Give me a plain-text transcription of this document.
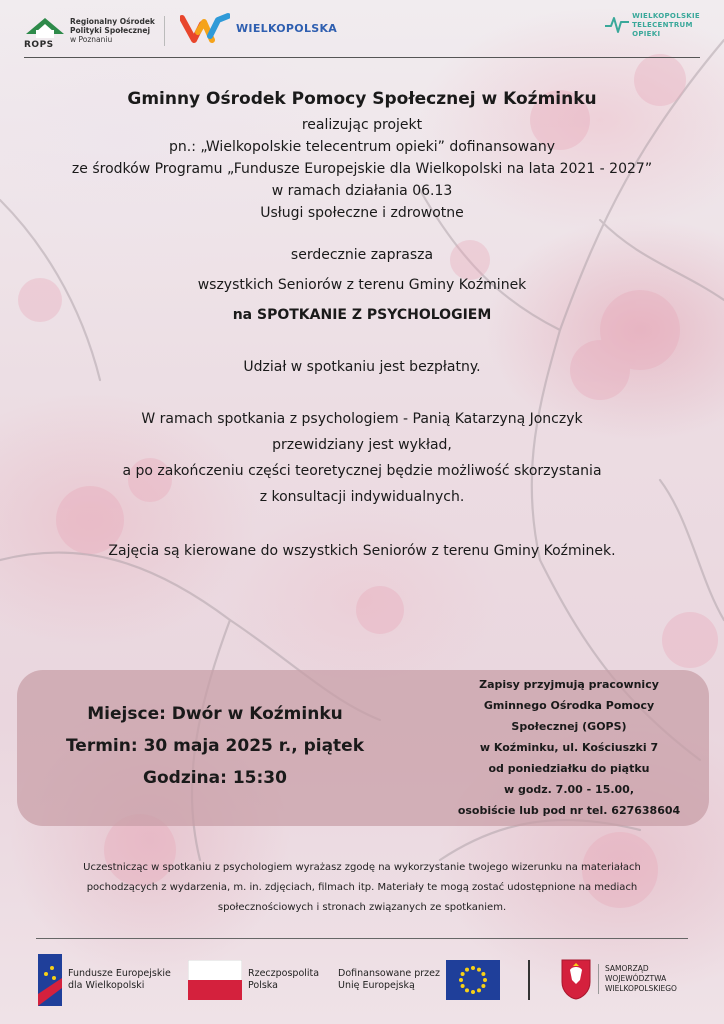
Regionalny Ośrodek
Polityki Społecznej
w Poznaniu
ROPS
WIELKOPOLSKA
WIELKOPOLSKIE
TELECENTRUM
OPIEKI
Gminny Ośrodek Pomocy Społecznej w Koźminku
realizując projekt
pn.: „Wielkopolskie telecentrum opieki” dofinansowany
ze środków Programu „Fundusze Europejskie dla Wielkopolski na lata 2021 - 2027”
w ramach działania 06.13
Usługi społeczne i zdrowotne
serdecznie zaprasza
wszystkich Seniorów z terenu Gminy Koźminek
na SPOTKANIE Z PSYCHOLOGIEM
Udział w spotkaniu jest bezpłatny.
W ramach spotkania z psychologiem - Panią Katarzyną Jonczyk
przewidziany jest wykład,
a po zakończeniu części teoretycznej będzie możliwość skorzystania
z konsultacji indywidualnych.
Zajęcia są kierowane do wszystkich Seniorów z terenu Gminy Koźminek.
Miejsce: Dwór w Koźminku
Termin: 30 maja 2025 r., piątek
Godzina: 15:30
Zapisy przyjmują pracownicy
Gminnego Ośrodka Pomocy
Społecznej (GOPS)
w Koźminku, ul. Kościuszki 7
od poniedziałku do piątku
w godz. 7.00 - 15.00,
osobiście lub pod nr tel. 627638604
Uczestnicząc w spotkaniu z psychologiem wyrażasz zgodę na wykorzystanie twojego wizerunku na materiałach
pochodzących z wydarzenia, m. in. zdjęciach, filmach itp. Materiały te mogą zostać udostępnione na mediach
społecznościowych i stronach związanych ze spotkaniem.
Fundusze Europejskie
dla Wielkopolski
Rzeczpospolita
Polska
Dofinansowane przez
Unię Europejską
SAMORZĄD
WOJEWÓDZTWA
WIELKOPOLSKIEGO
